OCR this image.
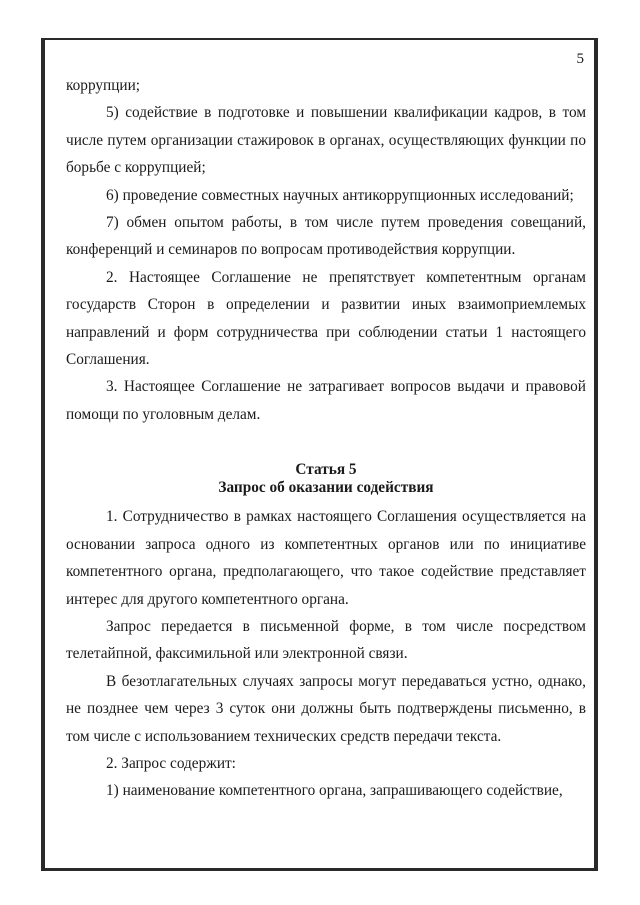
5

коррупции;

5) содействие в подготовке и повышении квалификации кадров, в том числе путем организации стажировок в органах, осуществляющих функции по борьбе с коррупцией;

6) проведение совместных научных антикоррупционных исследований;

7) обмен опытом работы, в том числе путем проведения совещаний, конференций и семинаров по вопросам противодействия коррупции.

2. Настоящее Соглашение не препятствует компетентным органам государств Сторон в определении и развитии иных взаимоприемлемых направлений и форм сотрудничества при соблюдении статьи 1 настоящего Соглашения.

3. Настоящее Соглашение не затрагивает вопросов выдачи и правовой помощи по уголовным делам.

Статья 5
Запрос об оказании содействия

1. Сотрудничество в рамках настоящего Соглашения осуществляется на основании запроса одного из компетентных органов или по инициативе компетентного органа, предполагающего, что такое содействие представляет интерес для другого компетентного органа.

Запрос передается в письменной форме, в том числе посредством телетайпной, факсимильной или электронной связи.

В безотлагательных случаях запросы могут передаваться устно, однако, не позднее чем через 3 суток они должны быть подтверждены письменно, в том числе с использованием технических средств передачи текста.

2. Запрос содержит:

1) наименование компетентного органа, запрашивающего содействие,
